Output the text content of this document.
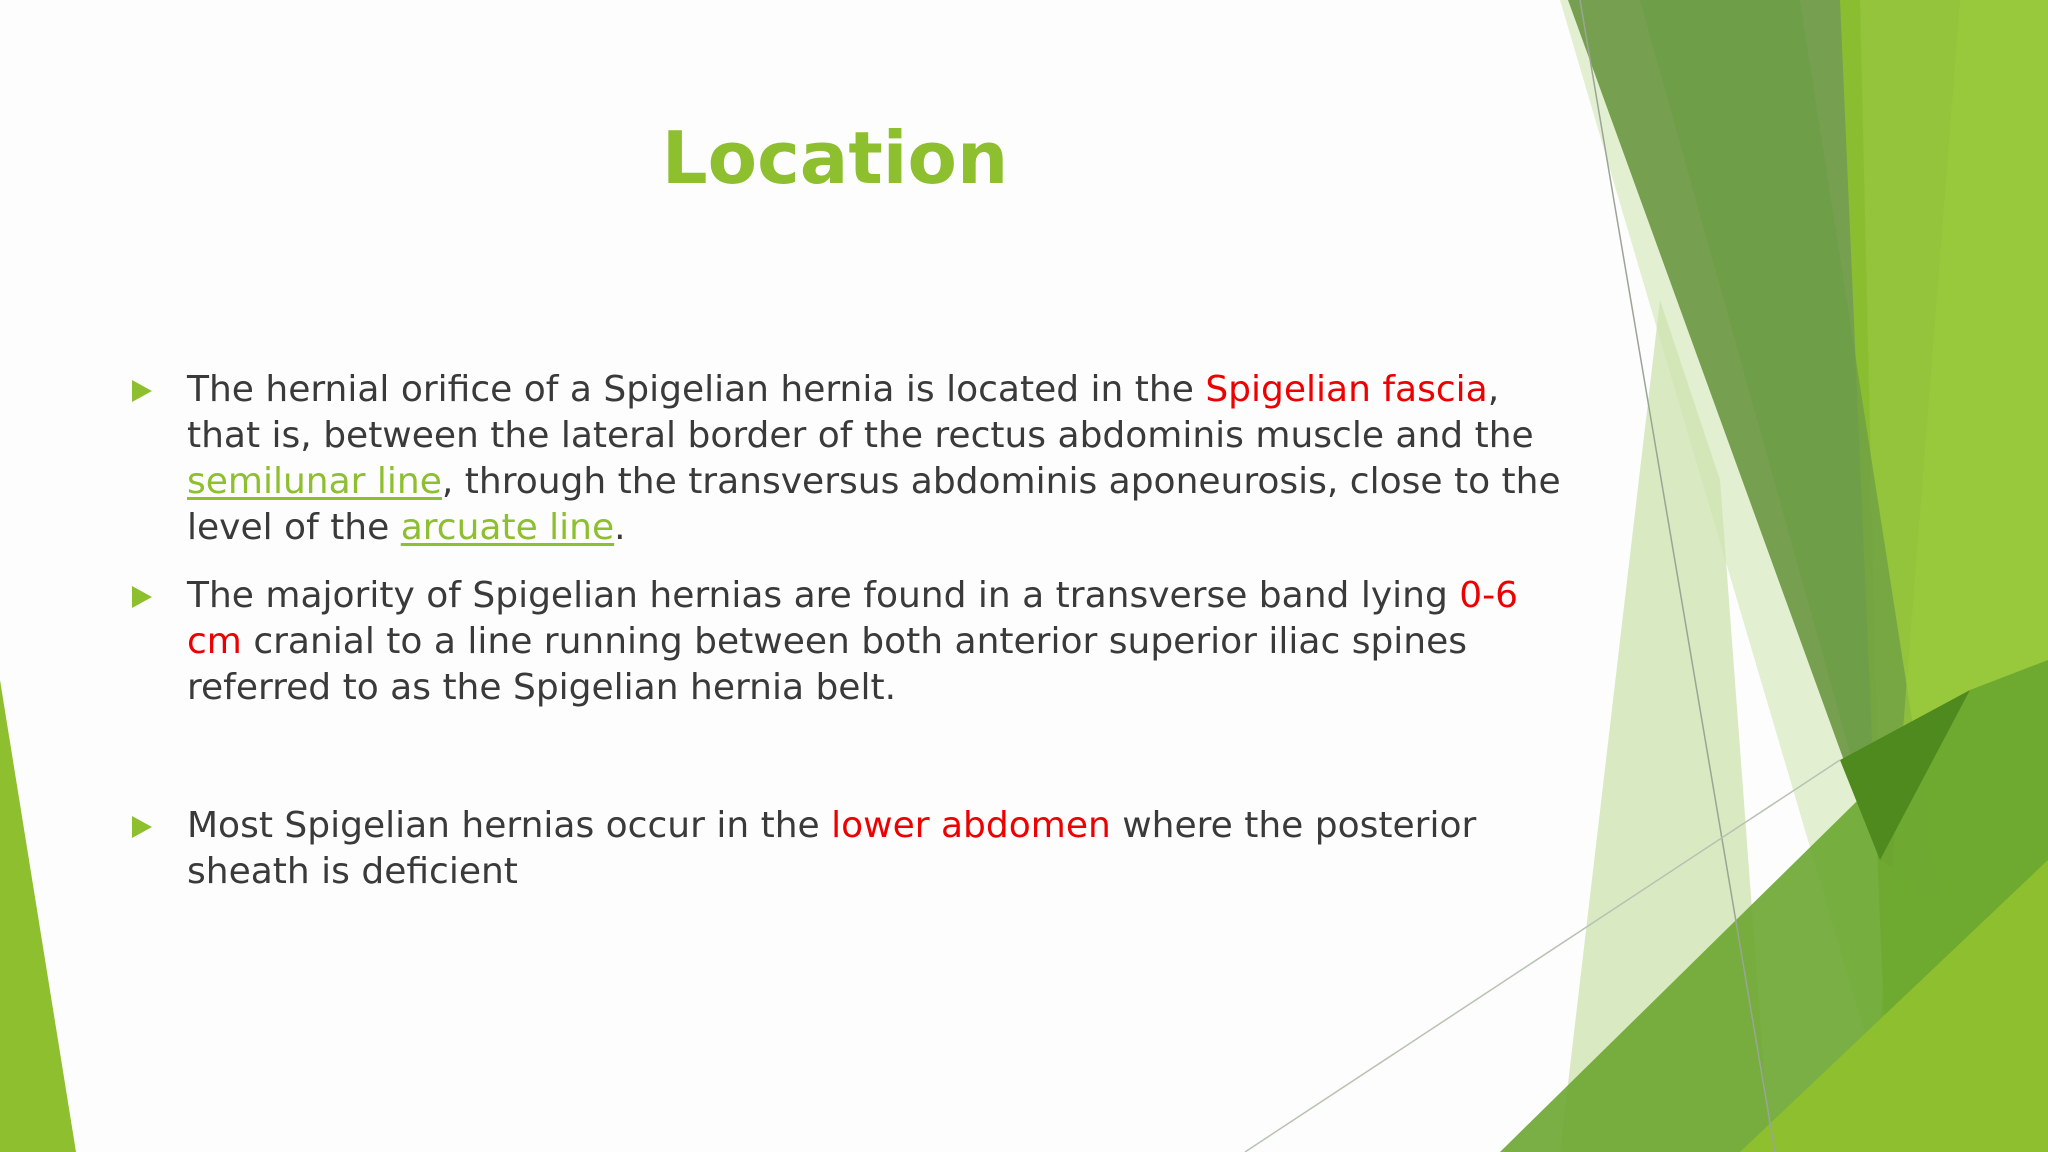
Location
The hernial orifice of a Spigelian hernia is located in the Spigelian fascia, that is, between the lateral border of the rectus abdominis muscle and the semilunar line, through the transversus abdominis aponeurosis, close to the level of the arcuate line.
The majority of Spigelian hernias are found in a transverse band lying 0-6 cm cranial to a line running between both anterior superior iliac spines referred to as the Spigelian hernia belt.
Most Spigelian hernias occur in the lower abdomen where the posterior sheath is deficient
